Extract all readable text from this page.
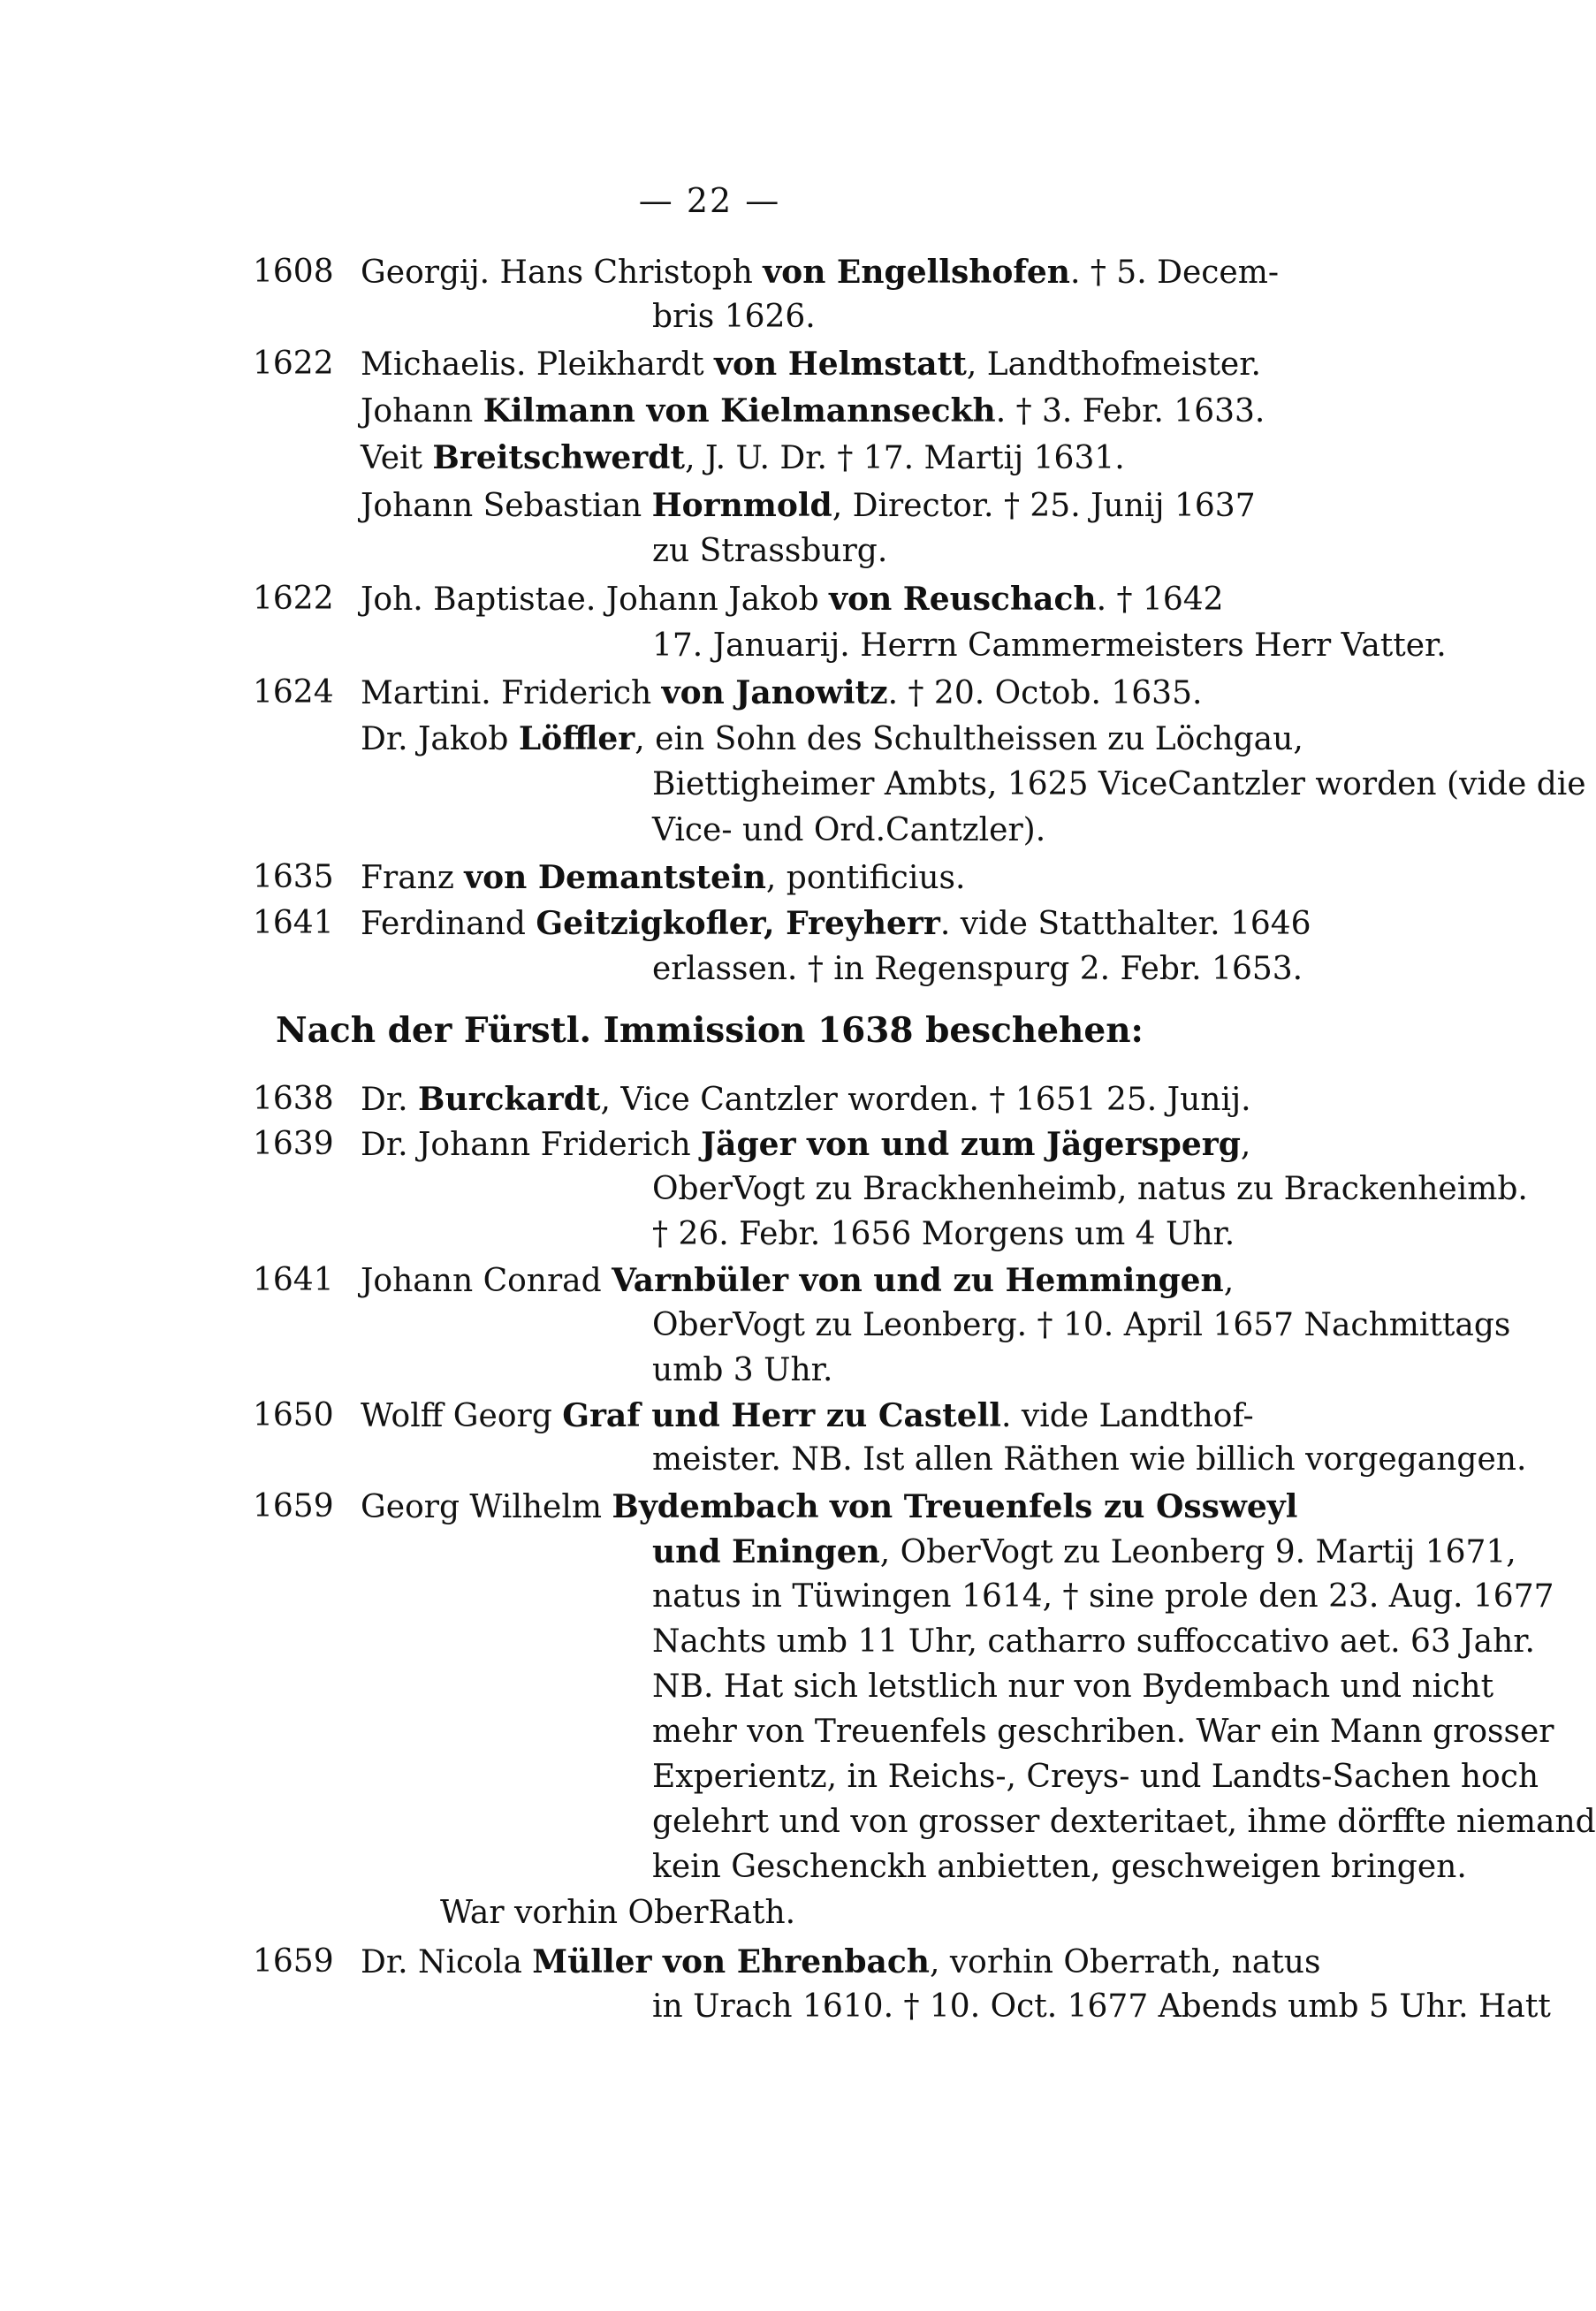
— 22 —
1608 Georgij. Hans Christoph von Engellshofen. † 5. Decem-
bris 1626.
1622 Michaelis. Pleikhardt von Helmstatt, Landthofmeister.
Johann Kilmann von Kielmannseckh. † 3. Febr. 1633.
Veit Breitschwerdt, J. U. Dr. † 17. Martij 1631.
Johann Sebastian Hornmold, Director. † 25. Junij 1637
zu Strassburg.
1622 Joh. Baptistae. Johann Jakob von Reuschach. † 1642
17. Januarij. Herrn Cammermeisters Herr Vatter.
1624 Martini. Friderich von Janowitz. † 20. Octob. 1635.
Dr. Jakob Löffler, ein Sohn des Schultheissen zu Löchgau,
Biettigheimer Ambts, 1625 ViceCantzler worden (vide die
Vice- und Ord.Cantzler).
1635 Franz von Demantstein, pontificius.
1641 Ferdinand Geitzigkofler, Freyherr. vide Statthalter. 1646
erlassen. † in Regenspurg 2. Febr. 1653.
Nach der Fürstl. Immission 1638 beschehen:
1638 Dr. Burckardt, Vice Cantzler worden. † 1651 25. Junij.
1639 Dr. Johann Friderich Jäger von und zum Jägersperg,
OberVogt zu Brackhenheimb, natus zu Brackenheimb.
† 26. Febr. 1656 Morgens um 4 Uhr.
1641 Johann Conrad Varnbüler von und zu Hemmingen,
OberVogt zu Leonberg. † 10. April 1657 Nachmittags
umb 3 Uhr.
1650 Wolff Georg Graf und Herr zu Castell. vide Landthof-
meister. NB. Ist allen Räthen wie billich vorgegangen.
1659 Georg Wilhelm Bydembach von Treuenfels zu Ossweyl
und Eningen, OberVogt zu Leonberg 9. Martij 1671,
natus in Tüwingen 1614, † sine prole den 23. Aug. 1677
Nachts umb 11 Uhr, catharro suffoccativo aet. 63 Jahr.
NB. Hat sich letstlich nur von Bydembach und nicht
mehr von Treuenfels geschriben. War ein Mann grosser
Experientz, in Reichs-, Creys- und Landts-Sachen hoch
gelehrt und von grosser dexteritaet, ihme dörffte niemand
kein Geschenckh anbietten, geschweigen bringen.
War vorhin OberRath.
1659 Dr. Nicola Müller von Ehrenbach, vorhin Oberrath, natus
in Urach 1610. † 10. Oct. 1677 Abends umb 5 Uhr. Hatt
